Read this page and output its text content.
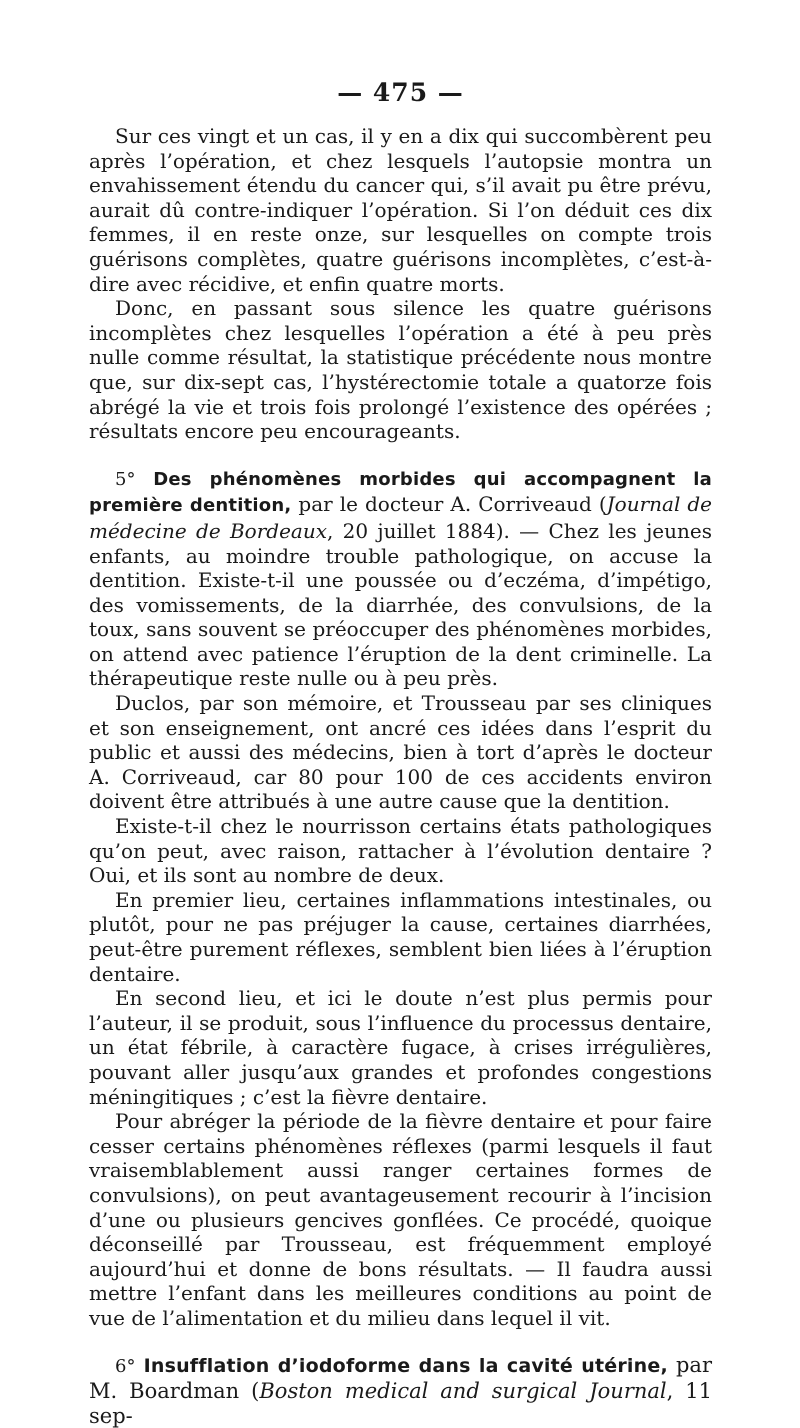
— 475 —

Sur ces vingt et un cas, il y en a dix qui succombèrent peu après l’opération, et chez lesquels l’autopsie montra un envahissement étendu du cancer qui, s’il avait pu être prévu, aurait dû contre-indiquer l’opération. Si l’on déduit ces dix femmes, il en reste onze, sur lesquelles on compte trois guérisons complètes, quatre guérisons incomplètes, c’est-à-dire avec récidive, et enfin quatre morts.

Donc, en passant sous silence les quatre guérisons incomplètes chez lesquelles l’opération a été à peu près nulle comme résultat, la statistique précédente nous montre que, sur dix-sept cas, l’hystérectomie totale a quatorze fois abrégé la vie et trois fois prolongé l’existence des opérées ; résultats encore peu encourageants.

5° Des phénomènes morbides qui accompagnent la première dentition, par le docteur A. Corriveaud (Journal de médecine de Bordeaux, 20 juillet 1884). — Chez les jeunes enfants, au moindre trouble pathologique, on accuse la dentition. Existe-t-il une poussée ou d’eczéma, d’impétigo, des vomissements, de la diarrhée, des convulsions, de la toux, sans souvent se préoccuper des phénomènes morbides, on attend avec patience l’éruption de la dent criminelle. La thérapeutique reste nulle ou à peu près.

Duclos, par son mémoire, et Trousseau par ses cliniques et son enseignement, ont ancré ces idées dans l’esprit du public et aussi des médecins, bien à tort d’après le docteur A. Corriveaud, car 80 pour 100 de ces accidents environ doivent être attribués à une autre cause que la dentition.

Existe-t-il chez le nourrisson certains états pathologiques qu’on peut, avec raison, rattacher à l’évolution dentaire ? Oui, et ils sont au nombre de deux.

En premier lieu, certaines inflammations intestinales, ou plutôt, pour ne pas préjuger la cause, certaines diarrhées, peut-être purement réflexes, semblent bien liées à l’éruption dentaire.

En second lieu, et ici le doute n’est plus permis pour l’auteur, il se produit, sous l’influence du processus dentaire, un état fébrile, à caractère fugace, à crises irrégulières, pouvant aller jusqu’aux grandes et profondes congestions méningitiques ; c’est la fièvre dentaire.

Pour abréger la période de la fièvre dentaire et pour faire cesser certains phénomènes réflexes (parmi lesquels il faut vraisemblablement aussi ranger certaines formes de convulsions), on peut avantageusement recourir à l’incision d’une ou plusieurs gencives gonflées. Ce procédé, quoique déconseillé par Trousseau, est fréquemment employé aujourd’hui et donne de bons résultats. — Il faudra aussi mettre l’enfant dans les meilleures conditions au point de vue de l’alimentation et du milieu dans lequel il vit.

6° Insufflation d’iodoforme dans la cavité utérine, par M. Boardman (Boston medical and surgical Journal, 11 sep-
